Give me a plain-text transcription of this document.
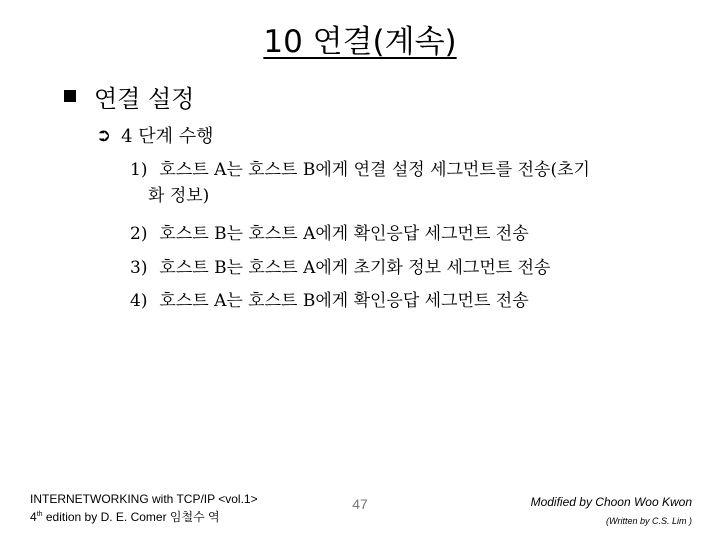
10 연결(계속)
연결 설정
➲ 4 단계 수행
1) 호스트 A는 호스트 B에게 연결 설정 세그먼트를 전송(초기
화 정보)
2) 호스트 B는 호스트 A에게 확인응답 세그먼트 전송
3) 호스트 B는 호스트 A에게 초기화 정보 세그먼트 전송
4) 호스트 A는 호스트 B에게 확인응답 세그먼트 전송
INTERNETWORKING with TCP/IP <vol.1>
4th edition by D. E. Comer 임철수 역
47	Modified by Choon Woo Kwon
(Written by C.S. Lim )
